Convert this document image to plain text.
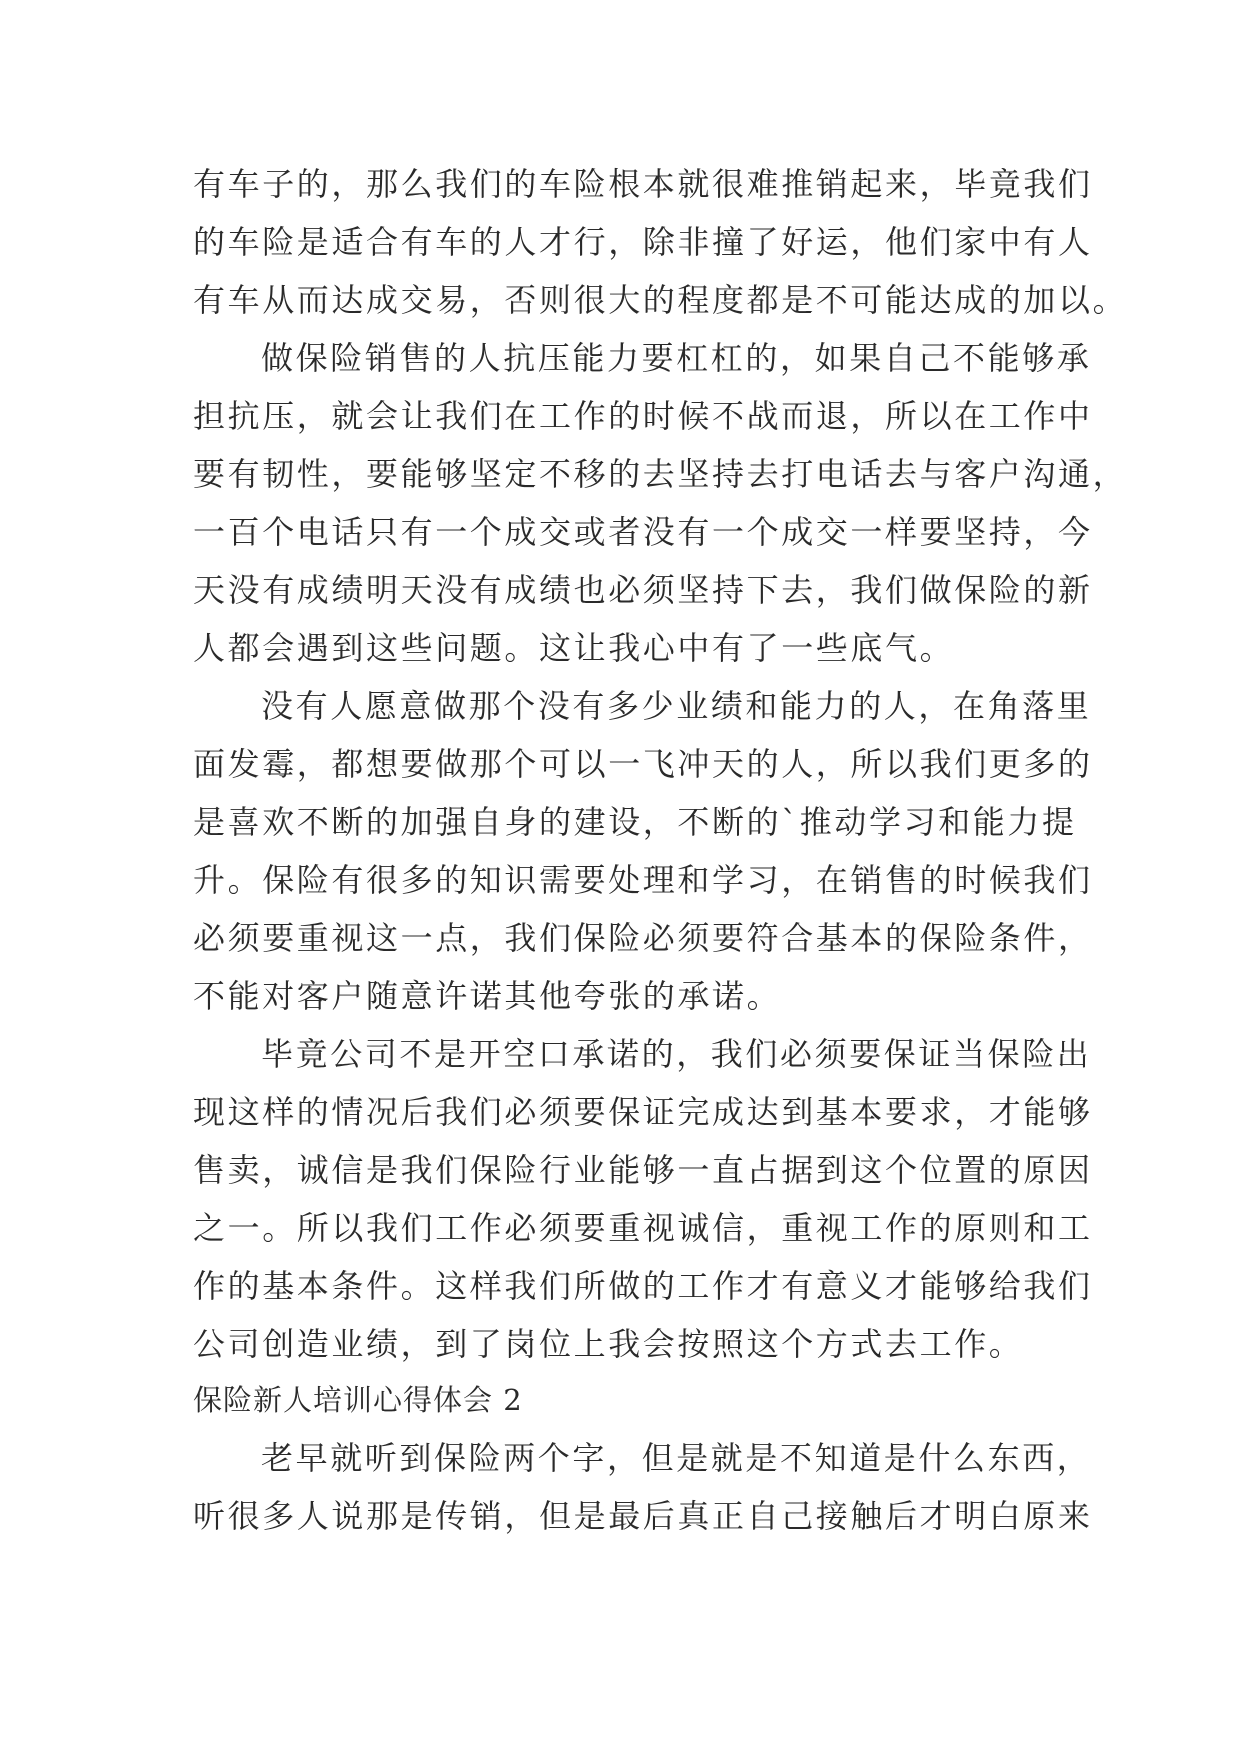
有车子的，那么我们的车险根本就很难推销起来，毕竟我们
的车险是适合有车的人才行，除非撞了好运，他们家中有人
有车从而达成交易，否则很大的程度都是不可能达成的加以。
做保险销售的人抗压能力要杠杠的，如果自己不能够承
担抗压，就会让我们在工作的时候不战而退，所以在工作中
要有韧性，要能够坚定不移的去坚持去打电话去与客户沟通，
一百个电话只有一个成交或者没有一个成交一样要坚持，今
天没有成绩明天没有成绩也必须坚持下去，我们做保险的新
人都会遇到这些问题。这让我心中有了一些底气。
没有人愿意做那个没有多少业绩和能力的人，在角落里
面发霉，都想要做那个可以一飞冲天的人，所以我们更多的
是喜欢不断的加强自身的建设，不断的`推动学习和能力提
升。保险有很多的知识需要处理和学习，在销售的时候我们
必须要重视这一点，我们保险必须要符合基本的保险条件，
不能对客户随意许诺其他夸张的承诺。
毕竟公司不是开空口承诺的，我们必须要保证当保险出
现这样的情况后我们必须要保证完成达到基本要求，才能够
售卖，诚信是我们保险行业能够一直占据到这个位置的原因
之一。所以我们工作必须要重视诚信，重视工作的原则和工
作的基本条件。这样我们所做的工作才有意义才能够给我们
公司创造业绩，到了岗位上我会按照这个方式去工作。
保险新人培训心得体会 2
老早就听到保险两个字，但是就是不知道是什么东西，
听很多人说那是传销，但是最后真正自己接触后才明白原来
